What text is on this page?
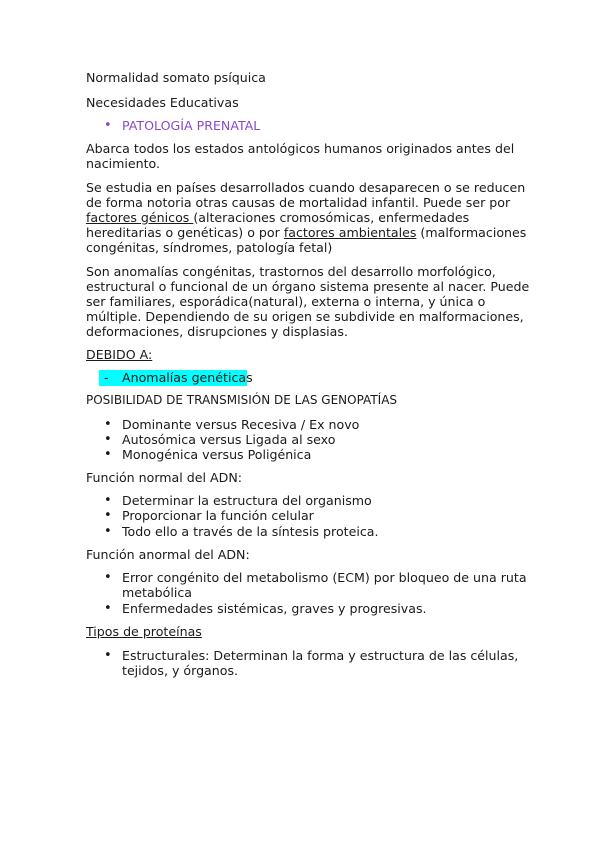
Normalidad somato psíquica

Necesidades Educativas

• PATOLOGÍA PRENATAL

Abarca todos los estados antológicos humanos originados antes del

nacimiento.

Se estudia en países desarrollados cuando desaparecen o se reducen

de forma notoria otras causas de mortalidad infantil. Puede ser por

factores génicos (alteraciones cromosómicas, enfermedades

hereditarias o genéticas) o por factores ambientales (malformaciones

congénitas, síndromes, patología fetal)

Son anomalías congénitas, trastornos del desarrollo morfológico,

estructural o funcional de un órgano sistema presente al nacer. Puede

ser familiares, esporádica(natural), externa o interna, y única o

múltiple. Dependiendo de su origen se subdivide en malformaciones,

deformaciones, disrupciones y displasias.

DEBIDO A:

- Anomalías genéticas

POSIBILIDAD DE TRANSMISIÓN DE LAS GENOPATÍAS

• Dominante versus Recesiva / Ex novo

• Autosómica versus Ligada al sexo

• Monogénica versus Poligénica

Función normal del ADN:

• Determinar la estructura del organismo

• Proporcionar la función celular

• Todo ello a través de la síntesis proteica.

Función anormal del ADN:

• Error congénito del metabolismo (ECM) por bloqueo de una ruta

metabólica

• Enfermedades sistémicas, graves y progresivas.

Tipos de proteínas

• Estructurales: Determinan la forma y estructura de las células,

tejidos, y órganos.
